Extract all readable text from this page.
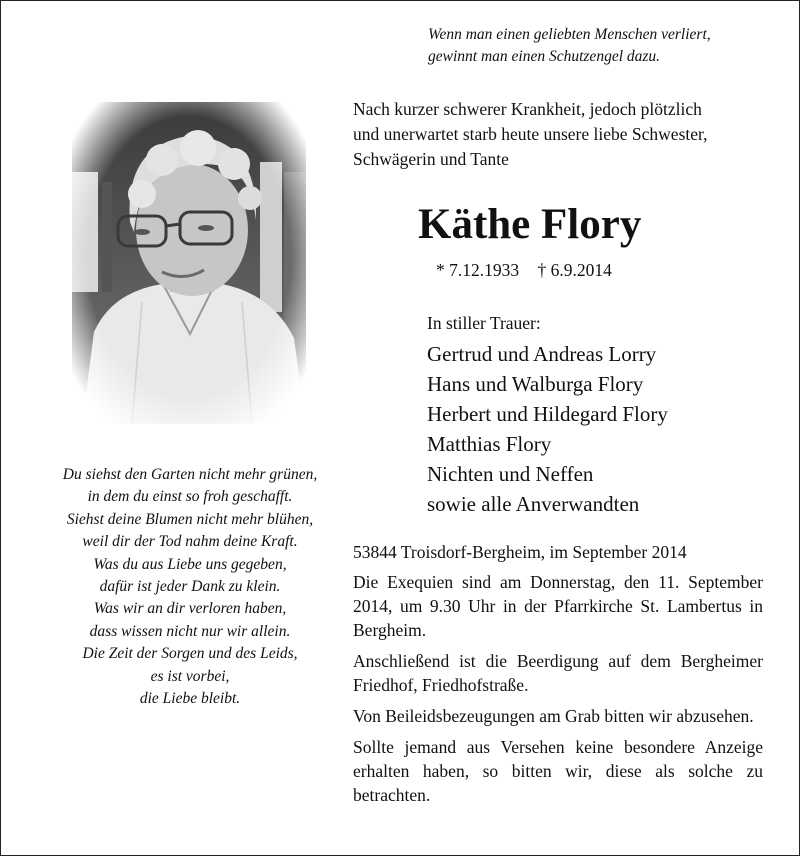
Wenn man einen geliebten Menschen verliert,
gewinnt man einen Schutzengel dazu.
Nach kurzer schwerer Krankheit, jedoch plötzlich
und unerwartet starb heute unsere liebe Schwester,
Schwägerin und Tante
Käthe Flory
* 7.12.1933 † 6.9.2014
In stiller Trauer:
Gertrud und Andreas Lorry
Hans und Walburga Flory
Herbert und Hildegard Flory
Matthias Flory
Nichten und Neffen
sowie alle Anverwandten
Du siehst den Garten nicht mehr grünen,
in dem du einst so froh geschafft.
Siehst deine Blumen nicht mehr blühen,
weil dir der Tod nahm deine Kraft.
Was du aus Liebe uns gegeben,
dafür ist jeder Dank zu klein.
Was wir an dir verloren haben,
dass wissen nicht nur wir allein.
Die Zeit der Sorgen und des Leids,
es ist vorbei,
die Liebe bleibt.

53844 Troisdorf-Bergheim, im September 2014

Die Exequien sind am Donnerstag, den 11. September 2014, um 9.30 Uhr in der Pfarrkirche St. Lambertus in Bergheim.

Anschließend ist die Beerdigung auf dem Bergheimer Friedhof, Friedhofstraße.

Von Beileidsbezeugungen am Grab bitten wir abzusehen.

Sollte jemand aus Versehen keine besondere Anzeige erhalten haben, so bitten wir, diese als solche zu betrachten.
